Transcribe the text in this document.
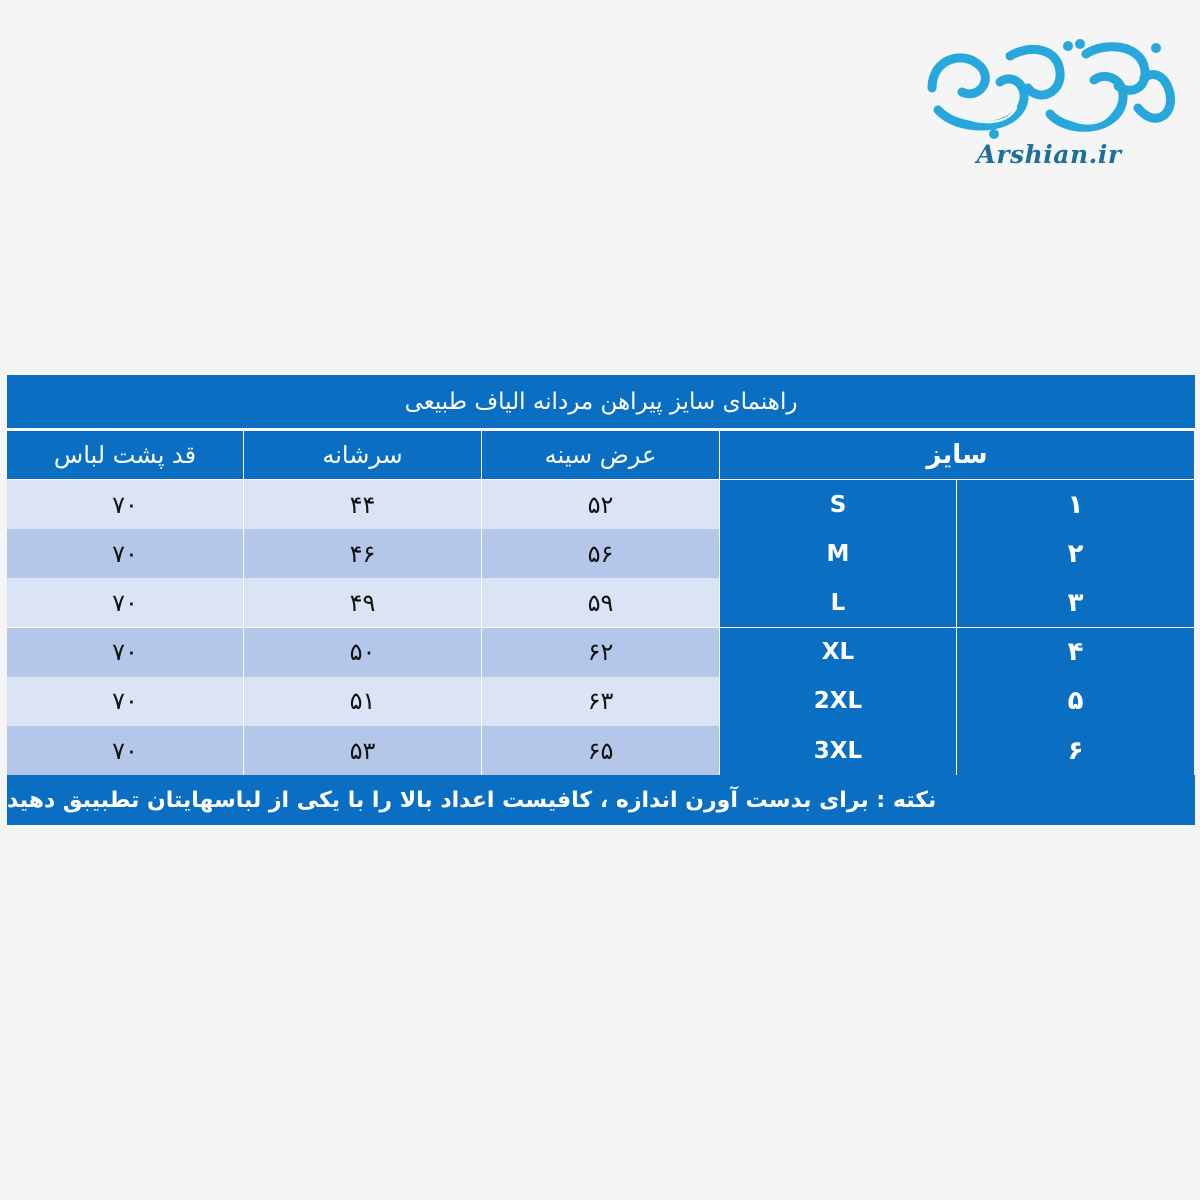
Arshian.ir
راهنمای سایز پیراهن مردانه الیاف طبیعی
سایز
عرض سینه
سرشانه
قد پشت لباس
۱
S
۵۲
۴۴
۷۰
۲
M
۵۶
۴۶
۷۰
۳
L
۵۹
۴۹
۷۰
۴
XL
۶۲
۵۰
۷۰
۵
2XL
۶۳
۵۱
۷۰
۶
3XL
۶۵
۵۳
۷۰
نکته : برای بدست آورن اندازه ، کافیست اعداد بالا را با یکی از لباسهایتان تطبیبق دهید
